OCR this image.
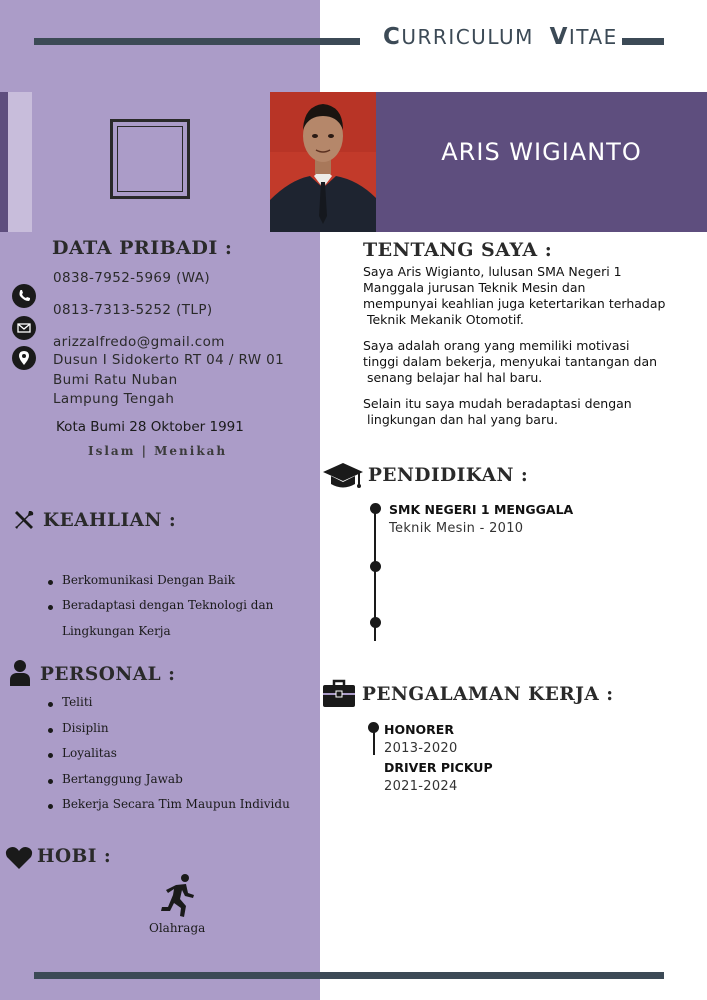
CURRICULUM VITAE
ARIS WIGIANTO
DATA PRIBADI :
0838-7952-5969 (WA)
0813-7313-5252 (TLP)
arizzalfredo@gmail.com
Dusun I Sidokerto RT 04 / RW 01
Bumi Ratu Nuban
Lampung Tengah
Kota Bumi 28 Oktober 1991
Islam | Menikah
KEAHLIAN :
Berkomunikasi Dengan Baik
Beradaptasi dengan Teknologi dan
Lingkungan Kerja
PERSONAL :
Teliti
Disiplin
Loyalitas
Bertanggung Jawab
Bekerja Secara Tim Maupun Individu
HOBI :
Olahraga
TENTANG SAYA :
Saya Aris Wigianto, lulusan SMA Negeri 1
Manggala jurusan Teknik Mesin dan
mempunyai keahlian juga ketertarikan terhadap
Teknik Mekanik Otomotif.
Saya adalah orang yang memiliki motivasi
tinggi dalam bekerja, menyukai tantangan dan
senang belajar hal hal baru.
Selain itu saya mudah beradaptasi dengan
lingkungan dan hal yang baru.
PENDIDIKAN :
SMK NEGERI 1 MENGGALA
Teknik Mesin - 2010
PENGALAMAN KERJA :
HONORER
2013-2020
DRIVER PICKUP
2021-2024
